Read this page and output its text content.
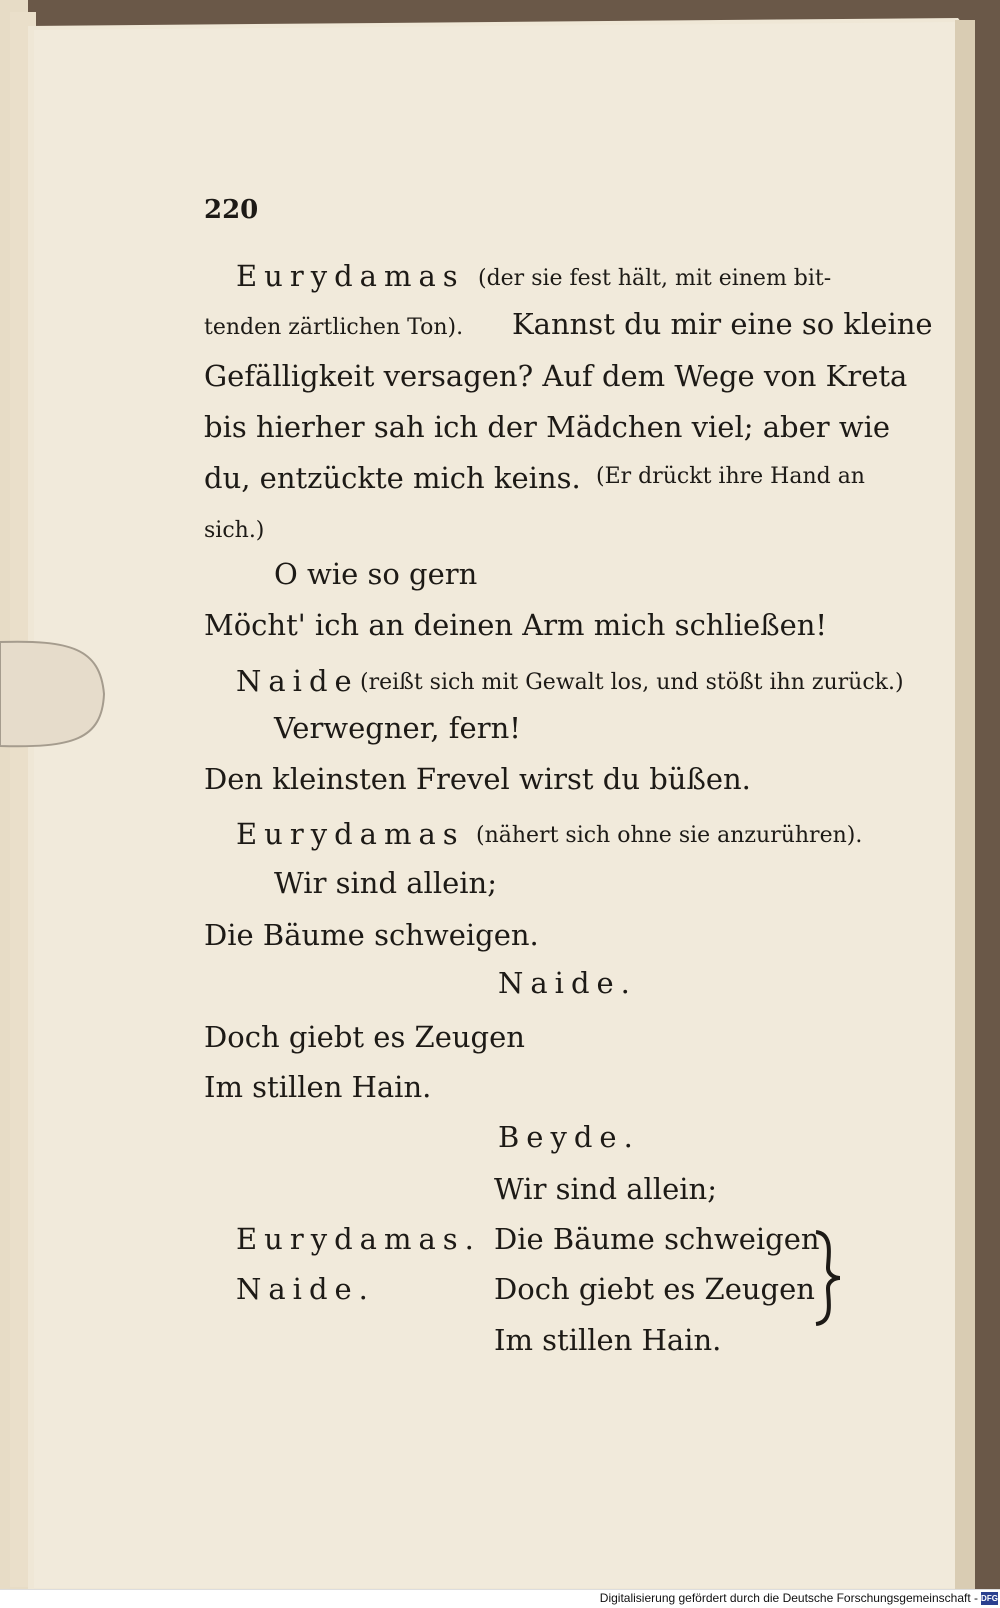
220
Eurydamas (der sie fest hält, mit einem bit-
tenden zärtlichen Ton). Kannst du mir eine so kleine
Gefälligkeit versagen? Auf dem Wege von Kreta
bis hierher sah ich der Mädchen viel; aber wie
du, entzückte mich keins. (Er drückt ihre Hand an
sich.)
O wie so gern
Möcht' ich an deinen Arm mich schließen!
Naide (reißt sich mit Gewalt los, und stößt ihn zurück.)
Verwegner, fern!
Den kleinsten Frevel wirst du büßen.
Eurydamas (nähert sich ohne sie anzurühren).
Wir sind allein;
Die Bäume schweigen.
Naide.
Doch giebt es Zeugen
Im stillen Hain.
Beyde.
Wir sind allein;
Eurydamas. Die Bäume schweigen
Naide.	Doch giebt es Zeugen
Im stillen Hain.
Digitalisierung gefördert durch die Deutsche Forschungsgemeinschaft - DFG
